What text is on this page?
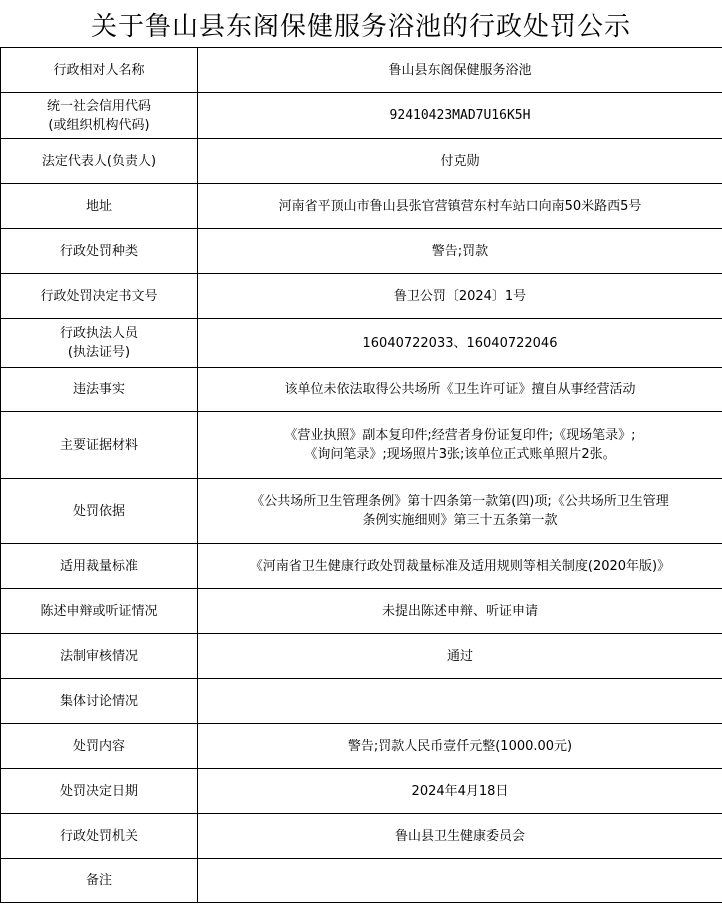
关于鲁山县东阁保健服务浴池的行政处罚公示
行政相对人名称	鲁山县东阁保健服务浴池

统一社会信用代码
(或组织机构代码)	92410423MAD7U16K5H
法定代表人(负责人)	付克勋
地址	河南省平顶山市鲁山县张官营镇营东村车站口向南50米路西5号
行政处罚种类	警告;罚款
行政处罚决定书文号	鲁卫公罚〔2024〕1号

行政执法人员
(执法证号)	16040722033、16040722046
违法事实	该单位未依法取得公共场所《卫生许可证》擅自从事经营活动
主要证据材料	《营业执照》副本复印件;经营者身份证复印件;《现场笔录》;
《询问笔录》;现场照片3张;该单位正式账单照片2张。

处罚依据	《公共场所卫生管理条例》第十四条第一款第(四)项;《公共场所卫生管理
条例实施细则》第三十五条第一款

适用裁量标准	《河南省卫生健康行政处罚裁量标准及适用规则等相关制度(2020年版)》
陈述申辩或听证情况	未提出陈述申辩、听证申请
法制审核情况	通过
集体讨论情况	
处罚内容	警告;罚款人民币壹仟元整(1000.00元)
处罚决定日期	2024年4月18日
行政处罚机关	鲁山县卫生健康委员会
备注	
